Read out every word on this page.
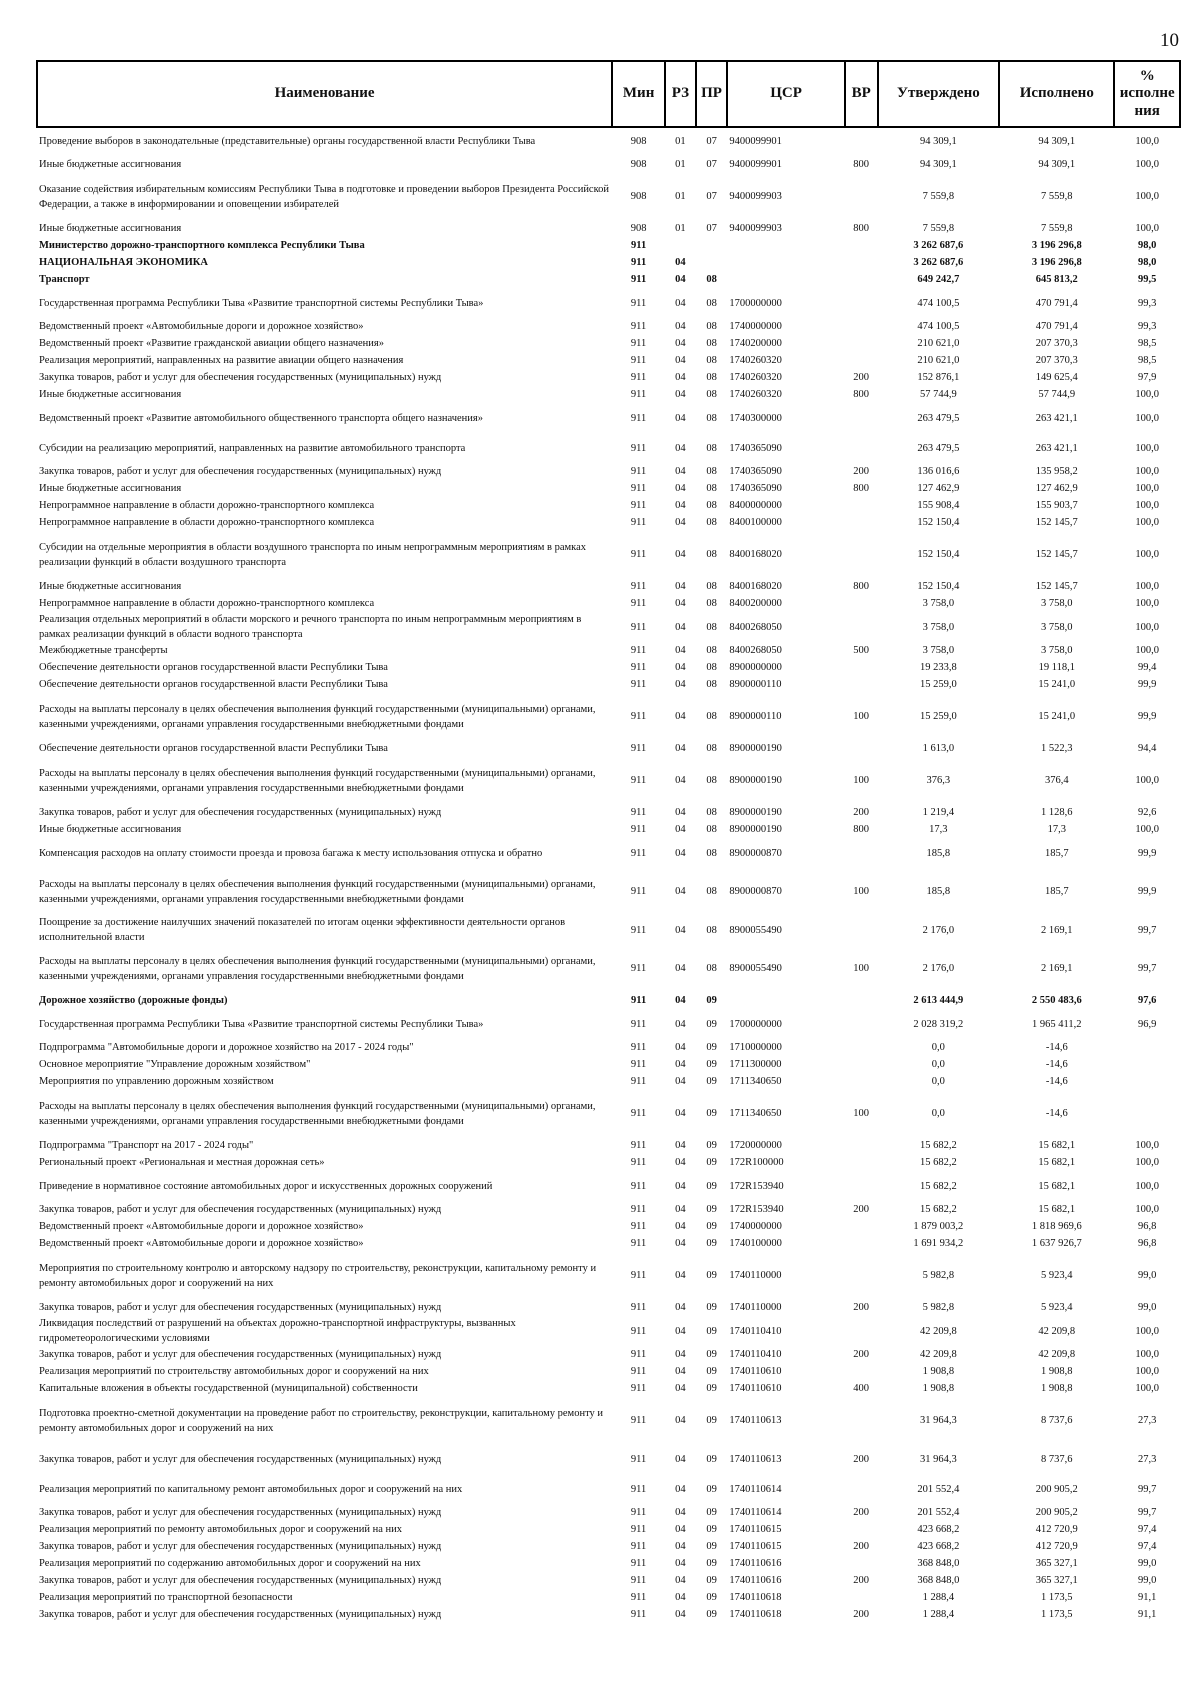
10
Наименование	Мин	РЗ	ПР	ЦСР	ВР	Утверждено	Исполнено	% исполне ния
Проведение выборов в законодательные (представительные) органы государственной власти Республики Тыва	908	01	07	9400099901		94 309,1	94 309,1	100,0
Иные бюджетные ассигнования	908	01	07	9400099901	800	94 309,1	94 309,1	100,0
Оказание содействия избирательным комиссиям Республики Тыва в подготовке и проведении выборов Президента Российской Федерации, а также в информировании и оповещении избирателей	908	01	07	9400099903		7 559,8	7 559,8	100,0
Иные бюджетные ассигнования	908	01	07	9400099903	800	7 559,8	7 559,8	100,0
Министерство дорожно-транспортного комплекса Республики Тыва	911					3 262 687,6	3 196 296,8	98,0
НАЦИОНАЛЬНАЯ ЭКОНОМИКА	911	04				3 262 687,6	3 196 296,8	98,0
Транспорт	911	04	08			649 242,7	645 813,2	99,5
Государственная программа Республики Тыва «Развитие транспортной системы Республики Тыва»	911	04	08	1700000000		474 100,5	470 791,4	99,3
Ведомственный проект «Автомобильные дороги и дорожное хозяйство»	911	04	08	1740000000		474 100,5	470 791,4	99,3
Ведомственный проект «Развитие гражданской авиации общего назначения»	911	04	08	1740200000		210 621,0	207 370,3	98,5
Реализация мероприятий, направленных на развитие авиации общего назначения	911	04	08	1740260320		210 621,0	207 370,3	98,5
Закупка товаров, работ и услуг для обеспечения государственных (муниципальных) нужд	911	04	08	1740260320	200	152 876,1	149 625,4	97,9
Иные бюджетные ассигнования	911	04	08	1740260320	800	57 744,9	57 744,9	100,0
Ведомственный проект «Развитие автомобильного общественного транспорта общего назначения»	911	04	08	1740300000		263 479,5	263 421,1	100,0
Субсидии на реализацию мероприятий, направленных на развитие автомобильного транспорта	911	04	08	1740365090		263 479,5	263 421,1	100,0
Закупка товаров, работ и услуг для обеспечения государственных (муниципальных) нужд	911	04	08	1740365090	200	136 016,6	135 958,2	100,0
Иные бюджетные ассигнования	911	04	08	1740365090	800	127 462,9	127 462,9	100,0
Непрограммное направление в области дорожно-транспортного комплекса	911	04	08	8400000000		155 908,4	155 903,7	100,0
Непрограммное направление в области дорожно-транспортного комплекса	911	04	08	8400100000		152 150,4	152 145,7	100,0
Субсидии на отдельные мероприятия в области воздушного транспорта по иным непрограммным мероприятиям в рамках реализации функций в области воздушного транспорта	911	04	08	8400168020		152 150,4	152 145,7	100,0
Иные бюджетные ассигнования	911	04	08	8400168020	800	152 150,4	152 145,7	100,0
Непрограммное направление в области дорожно-транспортного комплекса	911	04	08	8400200000		3 758,0	3 758,0	100,0
Реализация отдельных мероприятий в области морского и речного транспорта по иным непрограммным мероприятиям в рамках реализации функций в области водного транспорта	911	04	08	8400268050		3 758,0	3 758,0	100,0
Межбюджетные трансферты	911	04	08	8400268050	500	3 758,0	3 758,0	100,0
Обеспечение деятельности органов государственной власти Республики Тыва	911	04	08	8900000000		19 233,8	19 118,1	99,4
Обеспечение деятельности органов государственной власти Республики Тыва	911	04	08	8900000110		15 259,0	15 241,0	99,9
Расходы на выплаты персоналу в целях обеспечения выполнения функций государственными (муниципальными) органами, казенными учреждениями, органами управления государственными внебюджетными фондами	911	04	08	8900000110	100	15 259,0	15 241,0	99,9
Обеспечение деятельности органов государственной власти Республики Тыва	911	04	08	8900000190		1 613,0	1 522,3	94,4
Расходы на выплаты персоналу в целях обеспечения выполнения функций государственными (муниципальными) органами, казенными учреждениями, органами управления государственными внебюджетными фондами	911	04	08	8900000190	100	376,3	376,4	100,0
Закупка товаров, работ и услуг для обеспечения государственных (муниципальных) нужд	911	04	08	8900000190	200	1 219,4	1 128,6	92,6
Иные бюджетные ассигнования	911	04	08	8900000190	800	17,3	17,3	100,0
Компенсация расходов на оплату стоимости проезда и провоза багажа к месту использования отпуска и обратно	911	04	08	8900000870		185,8	185,7	99,9
Расходы на выплаты персоналу в целях обеспечения выполнения функций государственными (муниципальными) органами, казенными учреждениями, органами управления государственными внебюджетными фондами	911	04	08	8900000870	100	185,8	185,7	99,9
Поощрение за достижение наилучших значений показателей по итогам оценки эффективности деятельности органов исполнительной власти	911	04	08	8900055490		2 176,0	2 169,1	99,7
Расходы на выплаты персоналу в целях обеспечения выполнения функций государственными (муниципальными) органами, казенными учреждениями, органами управления государственными внебюджетными фондами	911	04	08	8900055490	100	2 176,0	2 169,1	99,7
Дорожное хозяйство (дорожные фонды)	911	04	09			2 613 444,9	2 550 483,6	97,6
Государственная программа Республики Тыва «Развитие транспортной системы Республики Тыва»	911	04	09	1700000000		2 028 319,2	1 965 411,2	96,9
Подпрограмма "Автомобильные дороги и дорожное хозяйство на 2017 - 2024 годы"	911	04	09	1710000000		0,0	-14,6	
Основное мероприятие "Управление дорожным хозяйством"	911	04	09	1711300000		0,0	-14,6	
Мероприятия по управлению дорожным хозяйством	911	04	09	1711340650		0,0	-14,6	
Расходы на выплаты персоналу в целях обеспечения выполнения функций государственными (муниципальными) органами, казенными учреждениями, органами управления государственными внебюджетными фондами	911	04	09	1711340650	100	0,0	-14,6	
Подпрограмма "Транспорт на 2017 - 2024 годы"	911	04	09	1720000000		15 682,2	15 682,1	100,0
Региональный проект «Региональная и местная дорожная сеть»	911	04	09	172R100000		15 682,2	15 682,1	100,0
Приведение в нормативное состояние автомобильных дорог и искусственных дорожных сооружений	911	04	09	172R153940		15 682,2	15 682,1	100,0
Закупка товаров, работ и услуг для обеспечения государственных (муниципальных) нужд	911	04	09	172R153940	200	15 682,2	15 682,1	100,0
Ведомственный проект «Автомобильные дороги и дорожное хозяйство»	911	04	09	1740000000		1 879 003,2	1 818 969,6	96,8
Ведомственный проект «Автомобильные дороги и дорожное хозяйство»	911	04	09	1740100000		1 691 934,2	1 637 926,7	96,8
Мероприятия по строительному контролю и авторскому надзору по строительству, реконструкции, капитальному ремонту и ремонту автомобильных дорог и сооружений на них	911	04	09	1740110000		5 982,8	5 923,4	99,0
Закупка товаров, работ и услуг для обеспечения государственных (муниципальных) нужд	911	04	09	1740110000	200	5 982,8	5 923,4	99,0
Ликвидация последствий от разрушений на объектах дорожно-транспортной инфраструктуры, вызванных гидрометеорологическими условиями	911	04	09	1740110410		42 209,8	42 209,8	100,0
Закупка товаров, работ и услуг для обеспечения государственных (муниципальных) нужд	911	04	09	1740110410	200	42 209,8	42 209,8	100,0
Реализация мероприятий по строительству автомобильных дорог и сооружений на них	911	04	09	1740110610		1 908,8	1 908,8	100,0
Капитальные вложения в объекты государственной (муниципальной) собственности	911	04	09	1740110610	400	1 908,8	1 908,8	100,0
Подготовка проектно-сметной документации на проведение работ по строительству, реконструкции, капитальному ремонту и ремонту автомобильных дорог и сооружений на них	911	04	09	1740110613		31 964,3	8 737,6	27,3
Закупка товаров, работ и услуг для обеспечения государственных (муниципальных) нужд	911	04	09	1740110613	200	31 964,3	8 737,6	27,3
Реализация мероприятий по капитальному ремонт автомобильных дорог и сооружений на них	911	04	09	1740110614		201 552,4	200 905,2	99,7
Закупка товаров, работ и услуг для обеспечения государственных (муниципальных) нужд	911	04	09	1740110614	200	201 552,4	200 905,2	99,7
Реализация мероприятий по ремонту автомобильных дорог и сооружений на них	911	04	09	1740110615		423 668,2	412 720,9	97,4
Закупка товаров, работ и услуг для обеспечения государственных (муниципальных) нужд	911	04	09	1740110615	200	423 668,2	412 720,9	97,4
Реализация мероприятий по содержанию автомобильных дорог и сооружений на них	911	04	09	1740110616		368 848,0	365 327,1	99,0
Закупка товаров, работ и услуг для обеспечения государственных (муниципальных) нужд	911	04	09	1740110616	200	368 848,0	365 327,1	99,0
Реализация мероприятий по транспортной безопасности	911	04	09	1740110618		1 288,4	1 173,5	91,1
Закупка товаров, работ и услуг для обеспечения государственных (муниципальных) нужд	911	04	09	1740110618	200	1 288,4	1 173,5	91,1
